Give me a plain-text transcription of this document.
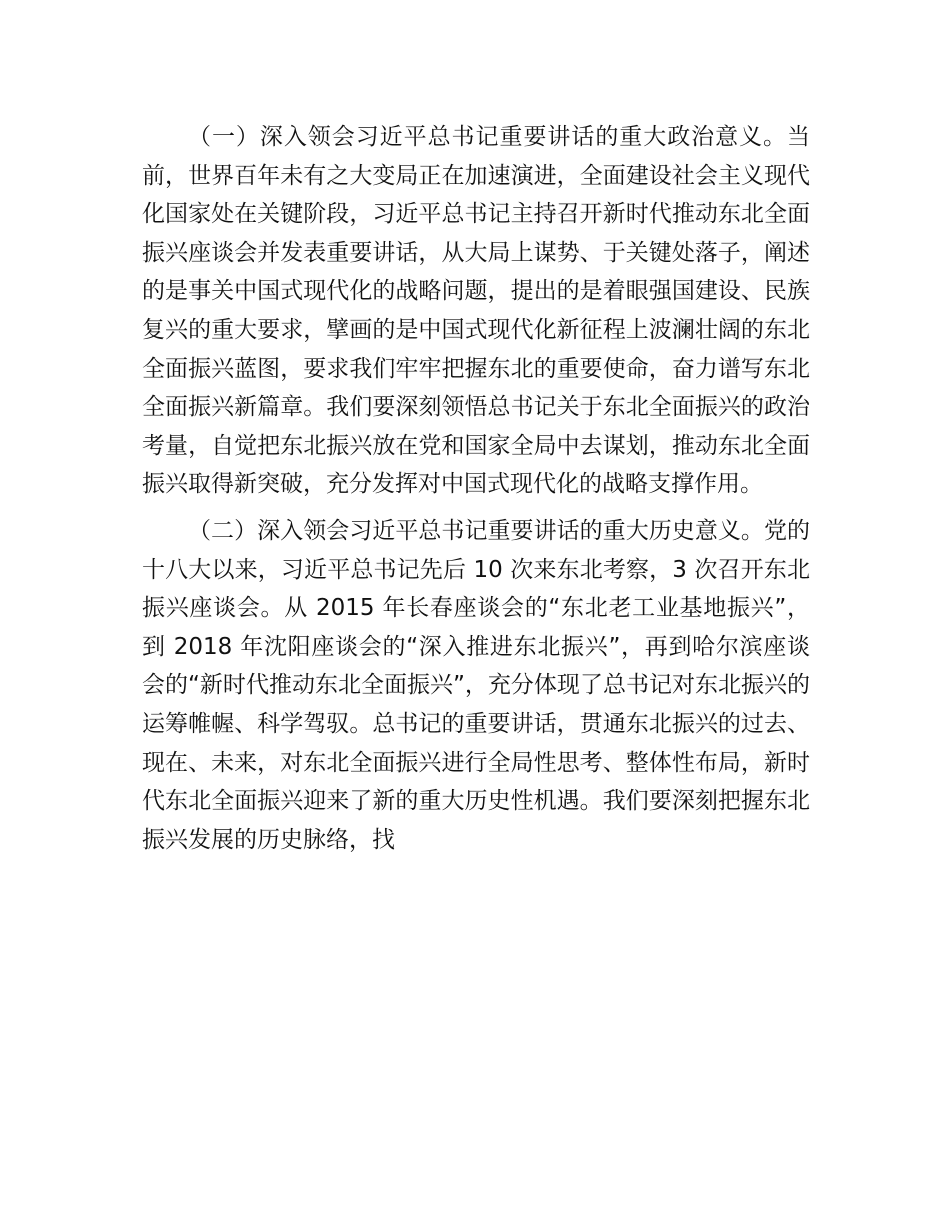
（一）深入领会习近平总书记重要讲话的重大政治意义。当前，世界百年未有之大变局正在加速演进，全面建设社会主义现代化国家处在关键阶段，习近平总书记主持召开新时代推动东北全面振兴座谈会并发表重要讲话，从大局上谋势、于关键处落子，阐述的是事关中国式现代化的战略问题，提出的是着眼强国建设、民族复兴的重大要求，擘画的是中国式现代化新征程上波澜壮阔的东北全面振兴蓝图，要求我们牢牢把握东北的重要使命，奋力谱写东北全面振兴新篇章。我们要深刻领悟总书记关于东北全面振兴的政治考量，自觉把东北振兴放在党和国家全局中去谋划，推动东北全面振兴取得新突破，充分发挥对中国式现代化的战略支撑作用。

（二）深入领会习近平总书记重要讲话的重大历史意义。党的十八大以来，习近平总书记先后 10 次来东北考察，3 次召开东北振兴座谈会。从 2015 年长春座谈会的“东北老工业基地振兴”，到 2018 年沈阳座谈会的“深入推进东北振兴”，再到哈尔滨座谈会的“新时代推动东北全面振兴”，充分体现了总书记对东北振兴的运筹帷幄、科学驾驭。总书记的重要讲话，贯通东北振兴的过去、现在、未来，对东北全面振兴进行全局性思考、整体性布局，新时代东北全面振兴迎来了新的重大历史性机遇。我们要深刻把握东北振兴发展的历史脉络，找
